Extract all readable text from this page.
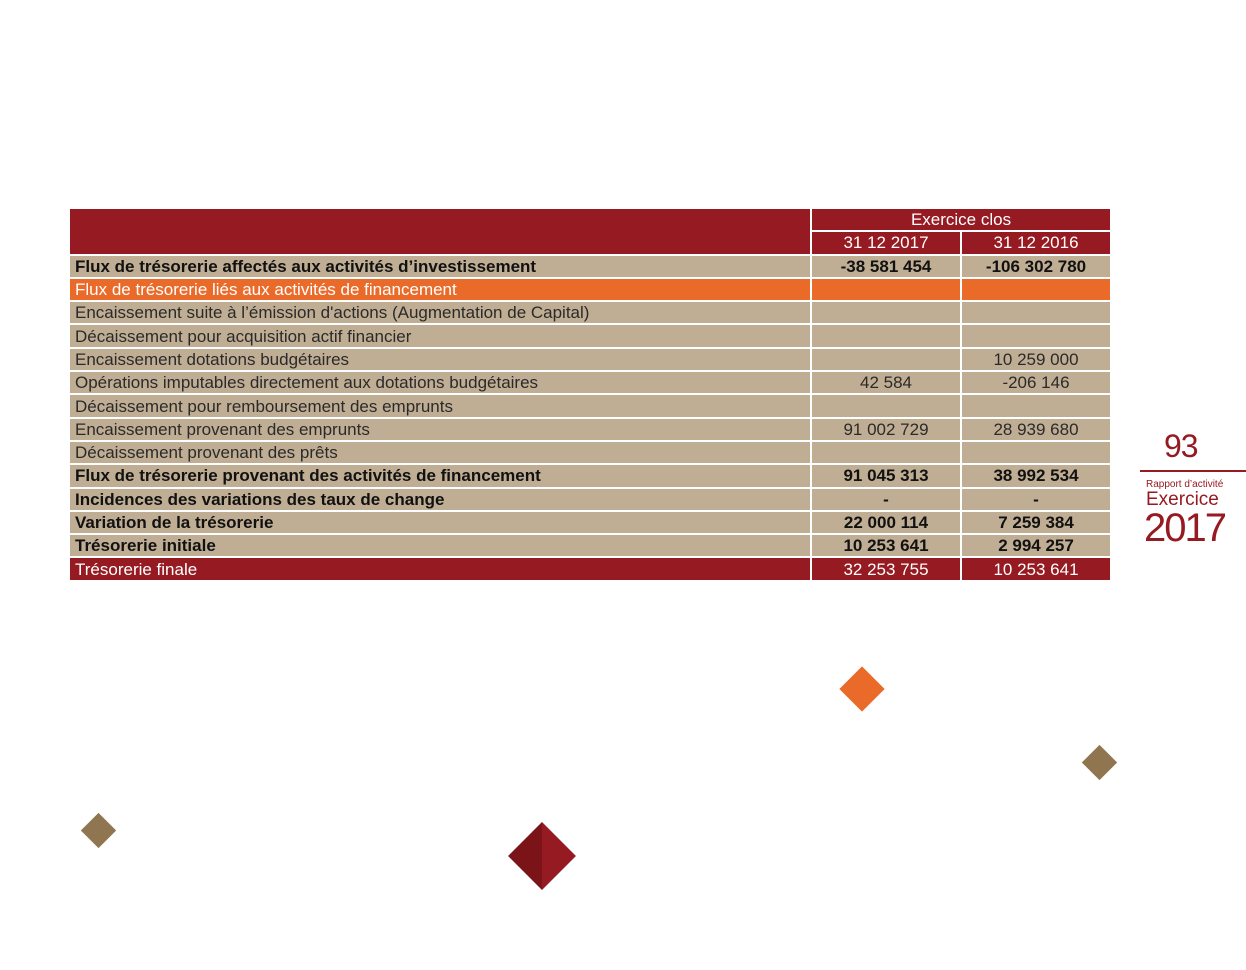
	Exercice clos	
	31 12 2017	31 12 2016
Flux de trésorerie affectés aux activités d’investissement	-38 581 454	-106 302 780
Flux de trésorerie liés aux activités de financement		
Encaissement suite à l’émission d'actions (Augmentation de Capital)		
Décaissement pour acquisition actif financier		
Encaissement dotations budgétaires		10 259 000
Opérations imputables directement aux dotations budgétaires	42 584	-206 146
Décaissement pour remboursement des emprunts		
Encaissement provenant des emprunts	91 002 729	28 939 680
Décaissement provenant des prêts		
Flux de trésorerie provenant des activités de financement	91 045 313	38 992 534
Incidences des variations des taux de change	-	-
Variation de la trésorerie	22 000 114	7 259 384
Trésorerie initiale	10 253 641	2 994 257
Trésorerie finale	32 253 755	10 253 641
93
Rapport d’activité
Exercice
2017
